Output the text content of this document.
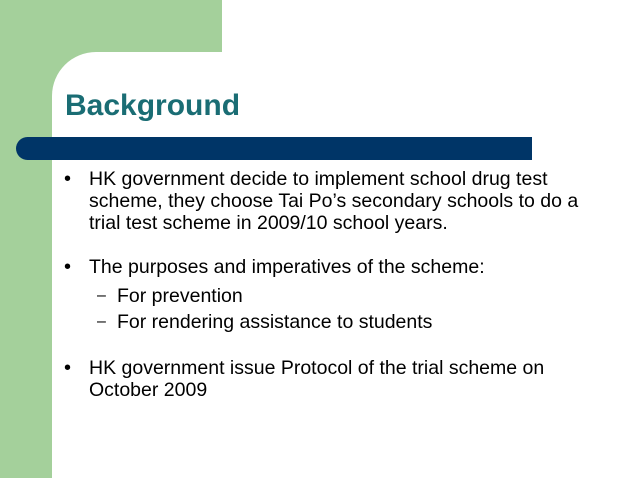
Background
• HK government decide to implement school drug test scheme, they choose Tai Po’s secondary schools to do a trial test scheme in 2009/10 school years.
• The purposes and imperatives of the scheme:
– For prevention
– For rendering assistance to students
• HK government issue Protocol of the trial scheme on October 2009
